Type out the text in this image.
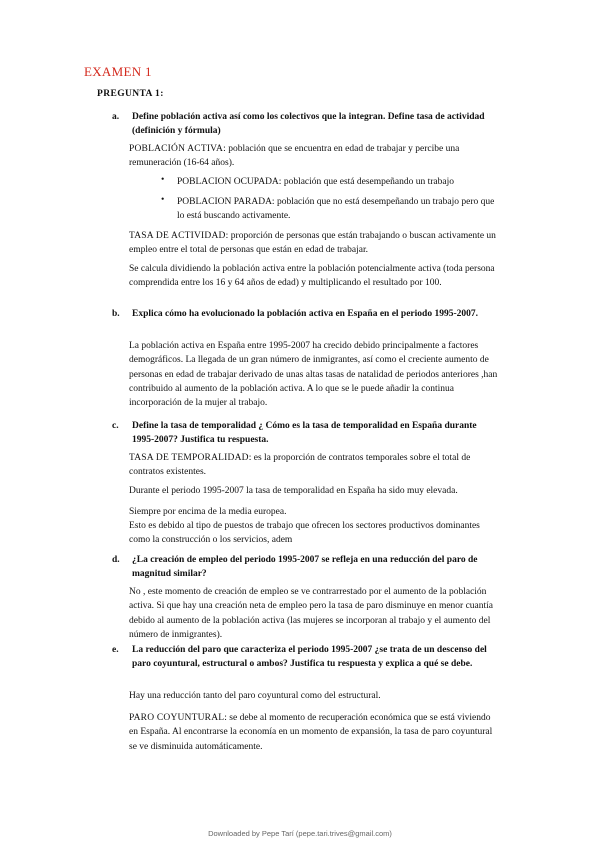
EXAMEN 1
PREGUNTA 1:
a. Define población activa así como los colectivos que la integran. Define tasa de actividad (definición y fórmula)
POBLACIÓN ACTIVA: población que se encuentra en edad de trabajar y percibe una remuneración (16-64 años).
• POBLACION OCUPADA: población que está desempeñando un trabajo
• POBLACION PARADA: población que no está desempeñando un trabajo pero que lo está buscando activamente.
TASA DE ACTIVIDAD: proporción de personas que están trabajando o buscan activamente un empleo entre el total de personas que están en edad de trabajar.
Se calcula dividiendo la población activa entre la población potencialmente activa (toda persona comprendida entre los 16 y 64 años de edad) y multiplicando el resultado por 100.
b. Explica cómo ha evolucionado la población activa en España en el periodo 1995-2007.
La población activa en España entre 1995-2007 ha crecido debido principalmente a factores demográficos. La llegada de un gran número de inmigrantes, así como el creciente aumento de personas en edad de trabajar derivado de unas altas tasas de natalidad de periodos anteriores ,han contribuido al aumento de la población activa. A lo que se le puede añadir la continua incorporación de la mujer al trabajo.
c. Define la tasa de temporalidad ¿ Cómo es la tasa de temporalidad en España durante 1995-2007? Justifica tu respuesta.
TASA DE TEMPORALIDAD: es la proporción de contratos temporales sobre el total de contratos existentes.
Durante el periodo 1995-2007 la tasa de temporalidad en España ha sido muy elevada.
Siempre por encima de la media europea.
Esto es debido al tipo de puestos de trabajo que ofrecen los sectores productivos dominantes como la construcción o los servicios, adem
d. ¿La creación de empleo del periodo 1995-2007 se refleja en una reducción del paro de magnitud similar?
No , este momento de creación de empleo se ve contrarrestado por el aumento de la población activa. Si que hay una creación neta de empleo pero la tasa de paro disminuye en menor cuantía debido al aumento de la población activa (las mujeres se incorporan al trabajo y el aumento del número de inmigrantes).
e. La reducción del paro que caracteriza el periodo 1995-2007 ¿se trata de un descenso del paro coyuntural, estructural o ambos? Justifica tu respuesta y explica a qué se debe.
Hay una reducción tanto del paro coyuntural como del estructural.
PARO COYUNTURAL: se debe al momento de recuperación económica que se está viviendo en España. Al encontrarse la economía en un momento de expansión, la tasa de paro coyuntural se ve disminuida automáticamente.
Downloaded by Pepe Tarí (pepe.tari.trives@gmail.com)
